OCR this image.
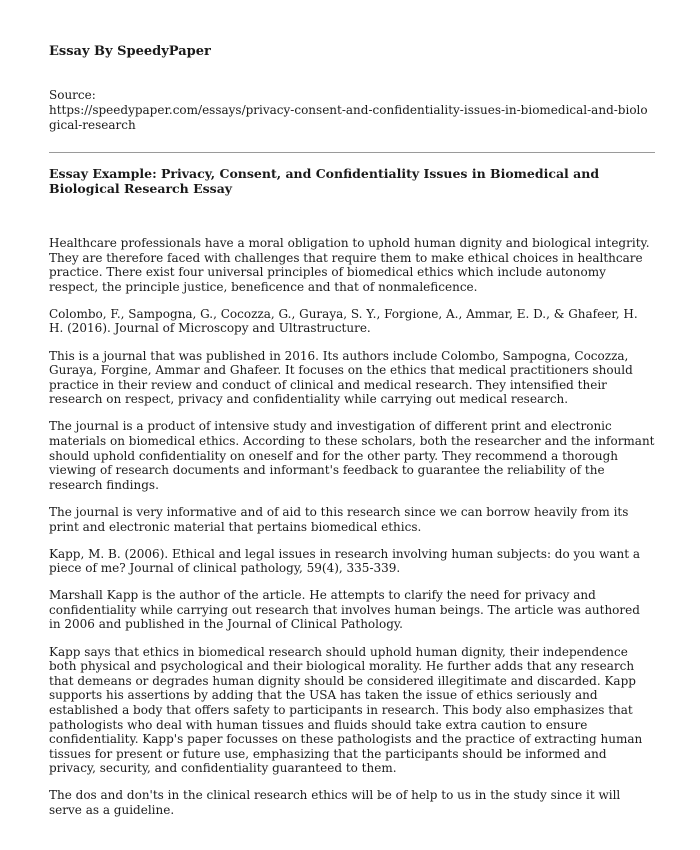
Essay By SpeedyPaper
Source:
https://speedypaper.com/essays/privacy-consent-and-confidentiality-issues-in-biomedical-and-biological-research
Essay Example: Privacy, Consent, and Confidentiality Issues in Biomedical and Biological Research Essay

Healthcare professionals have a moral obligation to uphold human dignity and biological integrity. They are therefore faced with challenges that require them to make ethical choices in healthcare practice. There exist four universal principles of biomedical ethics which include autonomy respect, the principle justice, beneficence and that of nonmaleficence.

Colombo, F., Sampogna, G., Cocozza, G., Guraya, S. Y., Forgione, A., Ammar, E. D., & Ghafeer, H. H. (2016). Journal of Microscopy and Ultrastructure.

This is a journal that was published in 2016. Its authors include Colombo, Sampogna, Cocozza, Guraya, Forgine, Ammar and Ghafeer. It focuses on the ethics that medical practitioners should practice in their review and conduct of clinical and medical research. They intensified their research on respect, privacy and confidentiality while carrying out medical research.

The journal is a product of intensive study and investigation of different print and electronic materials on biomedical ethics. According to these scholars, both the researcher and the informant should uphold confidentiality on oneself and for the other party. They recommend a thorough viewing of research documents and informant's feedback to guarantee the reliability of the research findings.

The journal is very informative and of aid to this research since we can borrow heavily from its print and electronic material that pertains biomedical ethics.

Kapp, M. B. (2006). Ethical and legal issues in research involving human subjects: do you want a piece of me? Journal of clinical pathology, 59(4), 335-339.

Marshall Kapp is the author of the article. He attempts to clarify the need for privacy and confidentiality while carrying out research that involves human beings. The article was authored in 2006 and published in the Journal of Clinical Pathology.

Kapp says that ethics in biomedical research should uphold human dignity, their independence both physical and psychological and their biological morality. He further adds that any research that demeans or degrades human dignity should be considered illegitimate and discarded. Kapp supports his assertions by adding that the USA has taken the issue of ethics seriously and established a body that offers safety to participants in research. This body also emphasizes that pathologists who deal with human tissues and fluids should take extra caution to ensure confidentiality. Kapp's paper focusses on these pathologists and the practice of extracting human tissues for present or future use, emphasizing that the participants should be informed and privacy, security, and confidentiality guaranteed to them.

The dos and don'ts in the clinical research ethics will be of help to us in the study since it will serve as a guideline.
